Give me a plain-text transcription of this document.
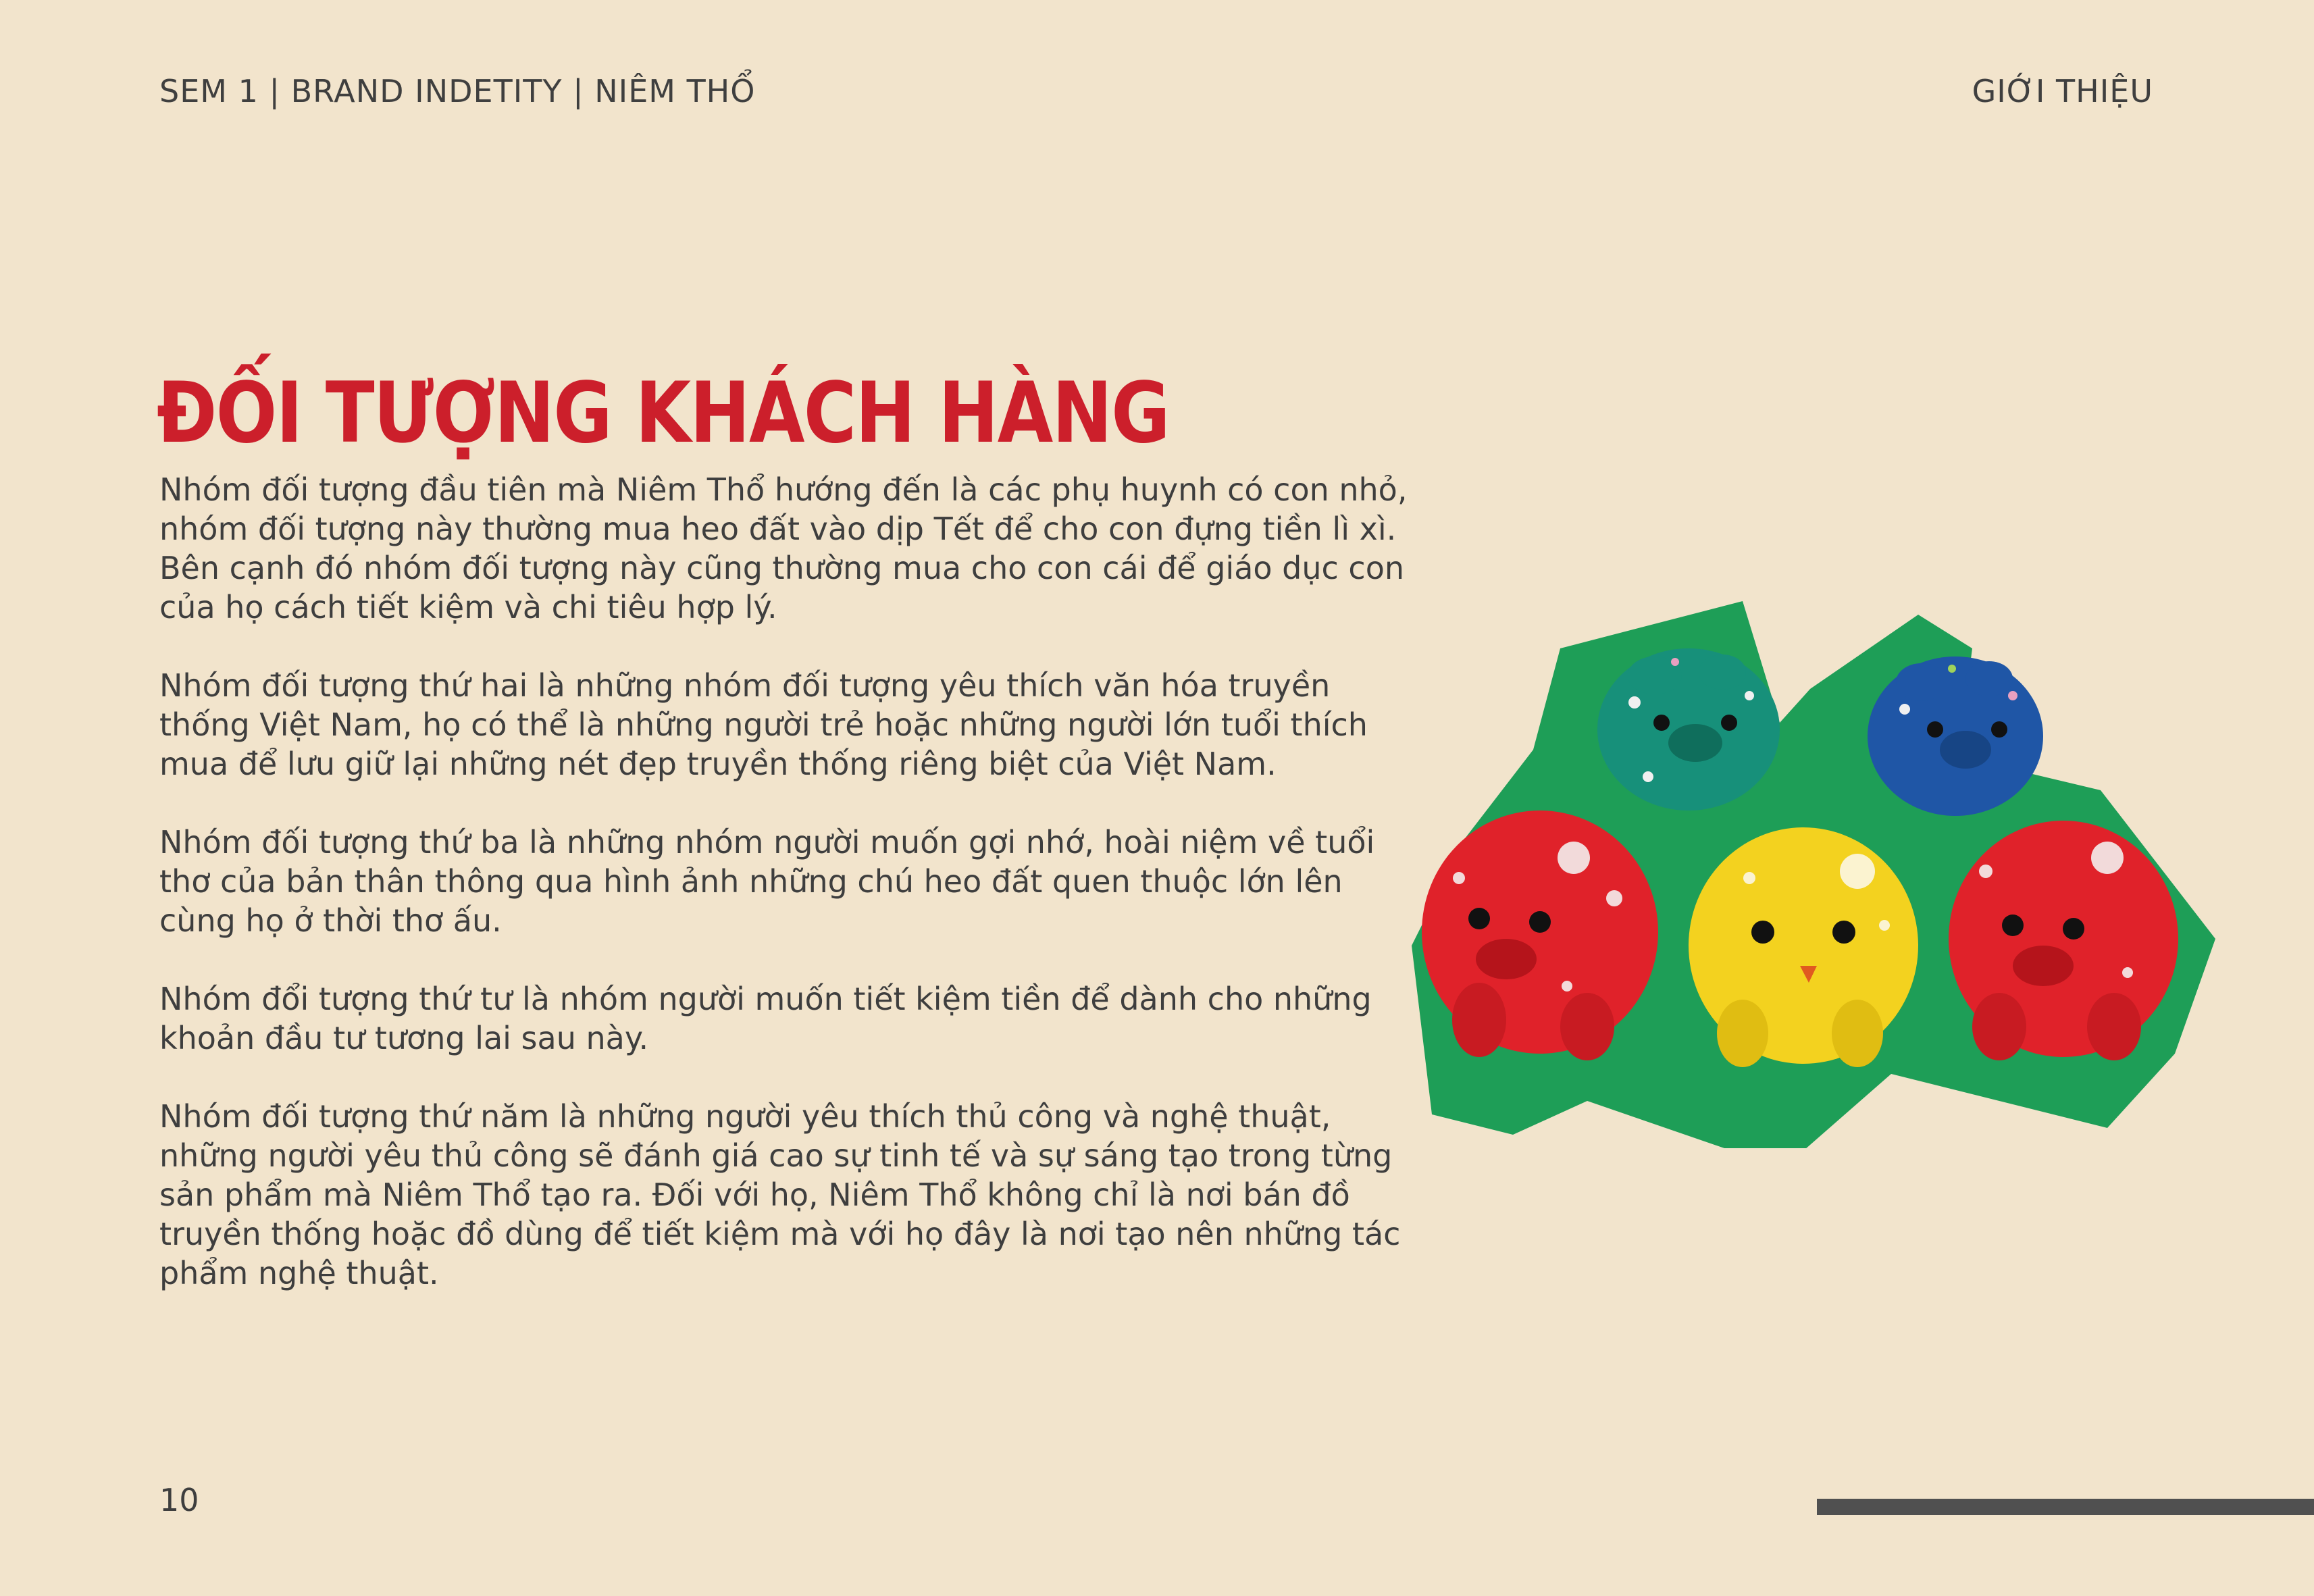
SEM 1 | BRAND INDETITY | NIÊM THỔ	GIỚI THIỆU
ĐỐI TƯỢNG KHÁCH HÀNG

Nhóm đối tượng đầu tiên mà Niêm Thổ hướng đến là các phụ huynh có con nhỏ, nhóm đối tượng này thường mua heo đất vào dịp Tết để cho con đựng tiền lì xì. Bên cạnh đó nhóm đối tượng này cũng thường mua cho con cái để giáo dục con của họ cách tiết kiệm và chi tiêu hợp lý.

Nhóm đối tượng thứ hai là những nhóm đối tượng yêu thích văn hóa truyền thống Việt Nam, họ có thể là những người trẻ hoặc những người lớn tuổi thích mua để lưu giữ lại những nét đẹp truyền thống riêng biệt của Việt Nam.

Nhóm đối tượng thứ ba là những nhóm người muốn gợi nhớ, hoài niệm về tuổi thơ của bản thân thông qua hình ảnh những chú heo đất quen thuộc lớn lên cùng họ ở thời thơ ấu.

Nhóm đổi tượng thứ tư là nhóm người muốn tiết kiệm tiền để dành cho những khoản đầu tư tương lai sau này.

Nhóm đối tượng thứ năm là những người yêu thích thủ công và nghệ thuật, những người yêu thủ công sẽ đánh giá cao sự tinh tế và sự sáng tạo trong từng sản phẩm mà Niêm Thổ tạo ra. Đối với họ, Niêm Thổ không chỉ là nơi bán đồ truyền thống hoặc đồ dùng để tiết kiệm mà với họ đây là nơi tạo nên những tác phẩm nghệ thuật.

10
